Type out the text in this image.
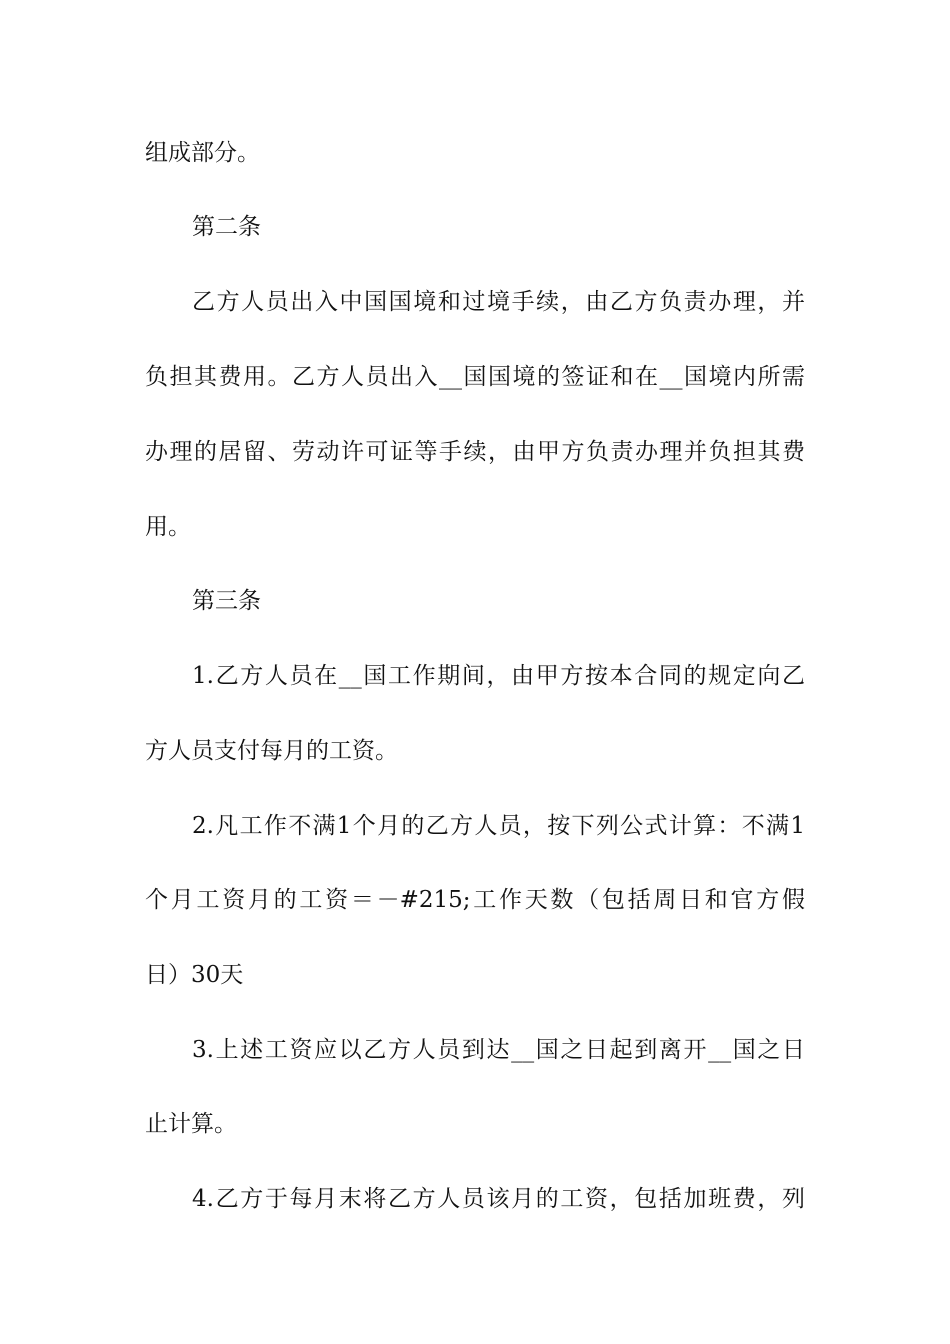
组成部分。
第二条
乙方人员出入中国国境和过境手续，由乙方负责办理，并
负担其费用。乙方人员出入__国国境的签证和在__国境内所需
办理的居留、劳动许可证等手续，由甲方负责办理并负担其费
用。
第三条
1.乙方人员在__国工作期间，由甲方按本合同的规定向乙
方人员支付每月的工资。
2.凡工作不满1个月的乙方人员，按下列公式计算：不满1
个月工资月的工资＝－#215;工作天数（包括周日和官方假
日）30天
3.上述工资应以乙方人员到达__国之日起到离开__国之日
止计算。
4.乙方于每月末将乙方人员该月的工资，包括加班费，列
